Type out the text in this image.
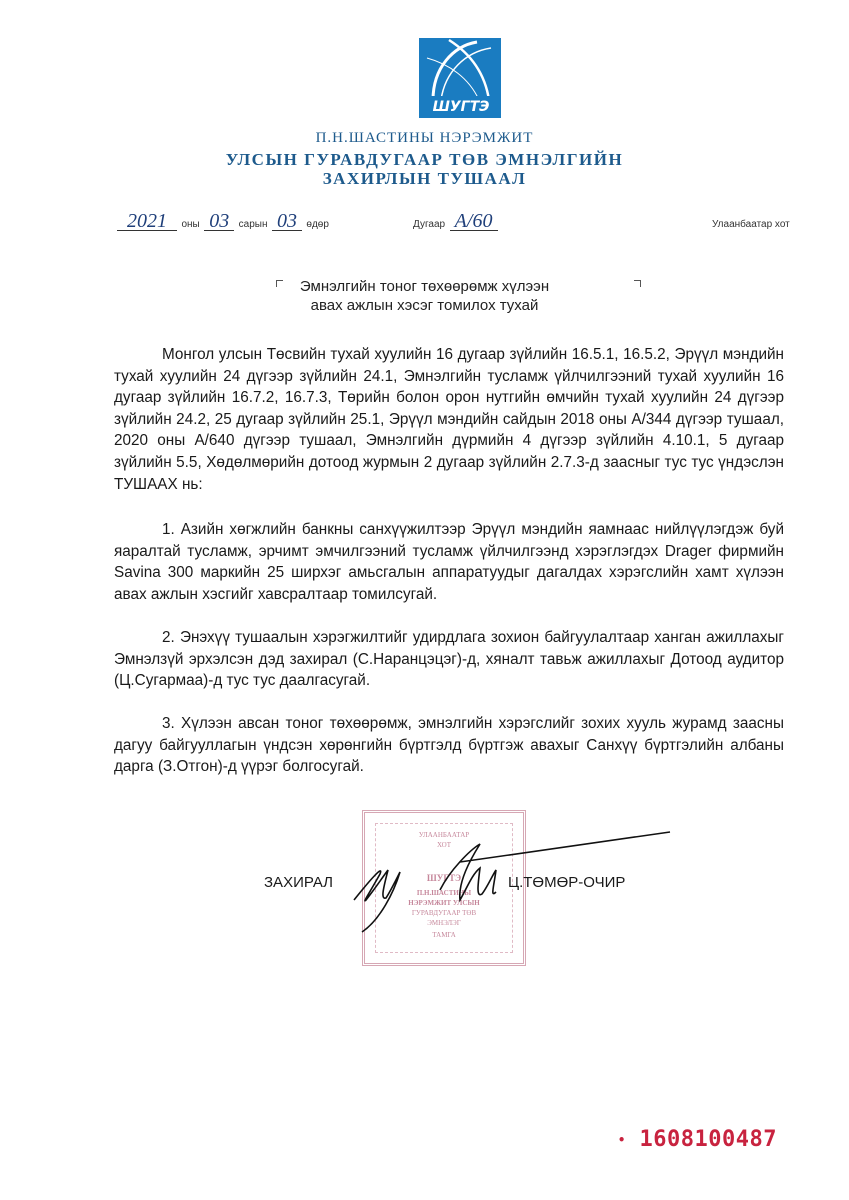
ШУГТЭ
П.Н.ШАСТИНЫ НЭРЭМЖИТ
УЛСЫН ГУРАВДУГААР ТӨВ ЭМНЭЛГИЙН
ЗАХИРЛЫН ТУШААЛ
2021 оны 03 сарын 03 өдөр	Дугаар А/60	Улаанбаатар хот
Эмнэлгийн тоног төхөөрөмж хүлээн
авах ажлын хэсэг томилох тухай
Монгол улсын Төсвийн тухай хуулийн 16 дугаар зүйлийн 16.5.1, 16.5.2, Эрүүл мэндийн тухай хуулийн 24 дүгээр зүйлийн 24.1, Эмнэлгийн тусламж үйлчилгээний тухай хуулийн 16 дугаар зүйлийн 16.7.2, 16.7.3, Төрийн болон орон нутгийн өмчийн тухай хуулийн 24 дүгээр зүйлийн 24.2, 25 дугаар зүйлийн 25.1, Эрүүл мэндийн сайдын 2018 оны А/344 дүгээр тушаал, 2020 оны А/640 дүгээр тушаал, Эмнэлгийн дүрмийн 4 дүгээр зүйлийн 4.10.1, 5 дугаар зүйлийн 5.5, Хөдөлмөрийн дотоод журмын 2 дугаар зүйлийн 2.7.3-д заасныг тус тус үндэслэн ТУШААХ нь:
1. Азийн хөгжлийн банкны санхүүжилтээр Эрүүл мэндийн яамнаас нийлүүлэгдэж буй яаралтай тусламж, эрчимт эмчилгээний тусламж үйлчилгээнд хэрэглэгдэх Drager фирмийн Savina 300 маркийн 25 ширхэг амьсгалын аппаратуудыг дагалдах хэрэгслийн хамт хүлээн авах ажлын хэсгийг хавсралтаар томилсугай.
2. Энэхүү тушаалын хэрэгжилтийг удирдлага зохион байгуулалтаар ханган ажиллахыг Эмнэлзүй эрхэлсэн дэд захирал (С.Наранцэцэг)-д, хяналт тавьж ажиллахыг Дотоод аудитор (Ц.Сугармаа)-д тус тус даалгасугай.
3. Хүлээн авсан тоног төхөөрөмж, эмнэлгийн хэрэгслийг зохих хууль журамд заасны дагуу байгууллагын үндсэн хөрөнгийн бүртгэлд бүртгэж авахыг Санхүү бүртгэлийн албаны дарга (З.Отгон)-д үүрэг болгосугай.
УЛААНБААТАР
ХОТ
ШУГТЭ
П.Н.ШАСТИНЫ
НЭРЭМЖИТ УЛСЫН
ГУРАВДУГААР ТӨВ
ЭМНЭЛЭГ
ТАМГА
ЗАХИРАЛ	Ц.ТӨМӨР-ОЧИР
• 1608100487
